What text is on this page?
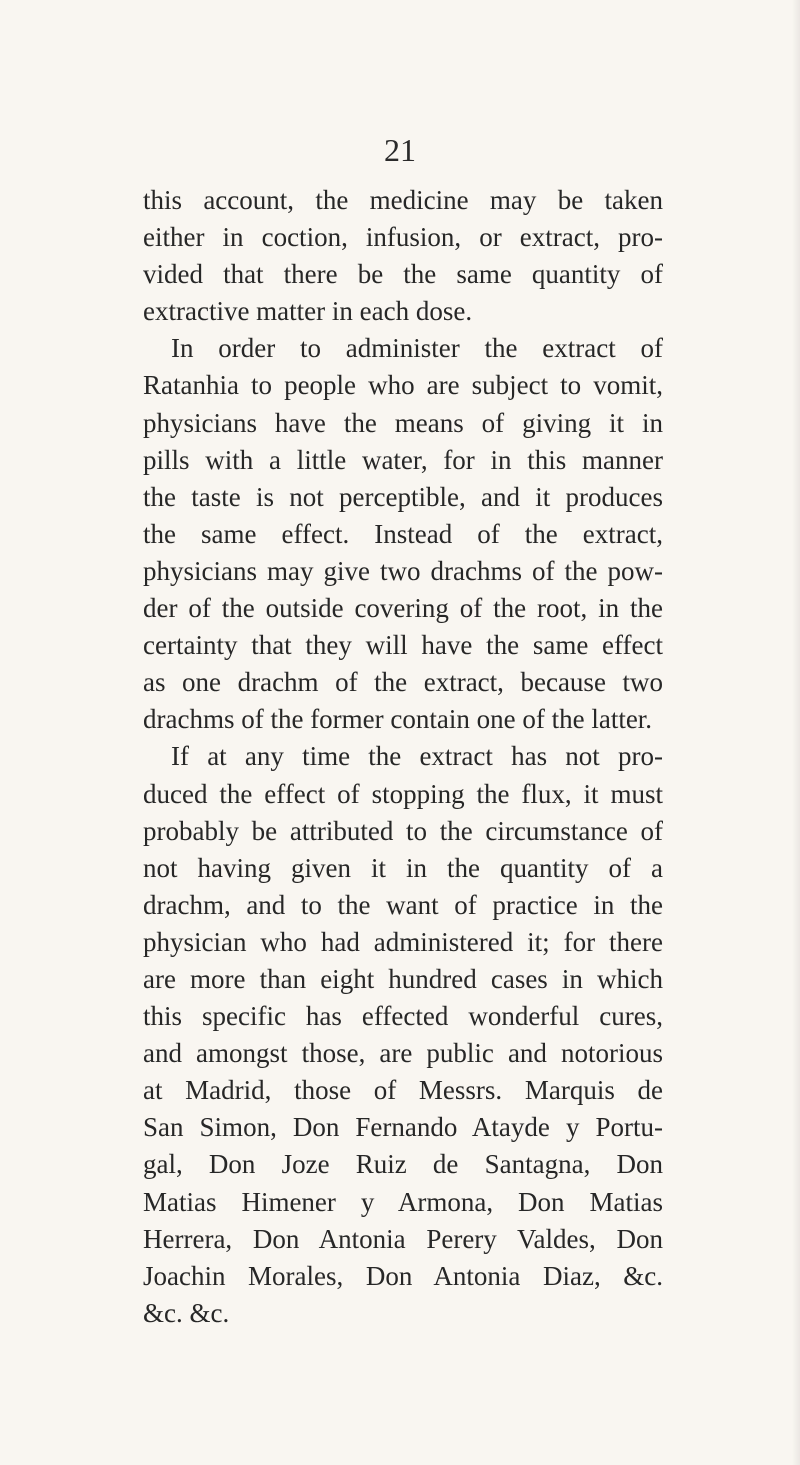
21

this account, the medicine may be taken
either in coction, infusion, or extract, pro-
vided that there be the same quantity of
extractive matter in each dose.
In order to administer the extract of
Ratanhia to people who are subject to vomit,
physicians have the means of giving it in
pills with a little water, for in this manner
the taste is not perceptible, and it produces
the same effect. Instead of the extract,
physicians may give two drachms of the pow-
der of the outside covering of the root, in the
certainty that they will have the same effect
as one drachm of the extract, because two
drachms of the former contain one of the latter.
If at any time the extract has not pro-
duced the effect of stopping the flux, it must
probably be attributed to the circumstance of
not having given it in the quantity of a
drachm, and to the want of practice in the
physician who had administered it; for there
are more than eight hundred cases in which
this specific has effected wonderful cures,
and amongst those, are public and notorious
at Madrid, those of Messrs. Marquis de
San Simon, Don Fernando Atayde y Portu-
gal, Don Joze Ruiz de Santagna, Don
Matias Himener y Armona, Don Matias
Herrera, Don Antonia Perery Valdes, Don
Joachin Morales, Don Antonia Diaz, &c.
&c. &c.
